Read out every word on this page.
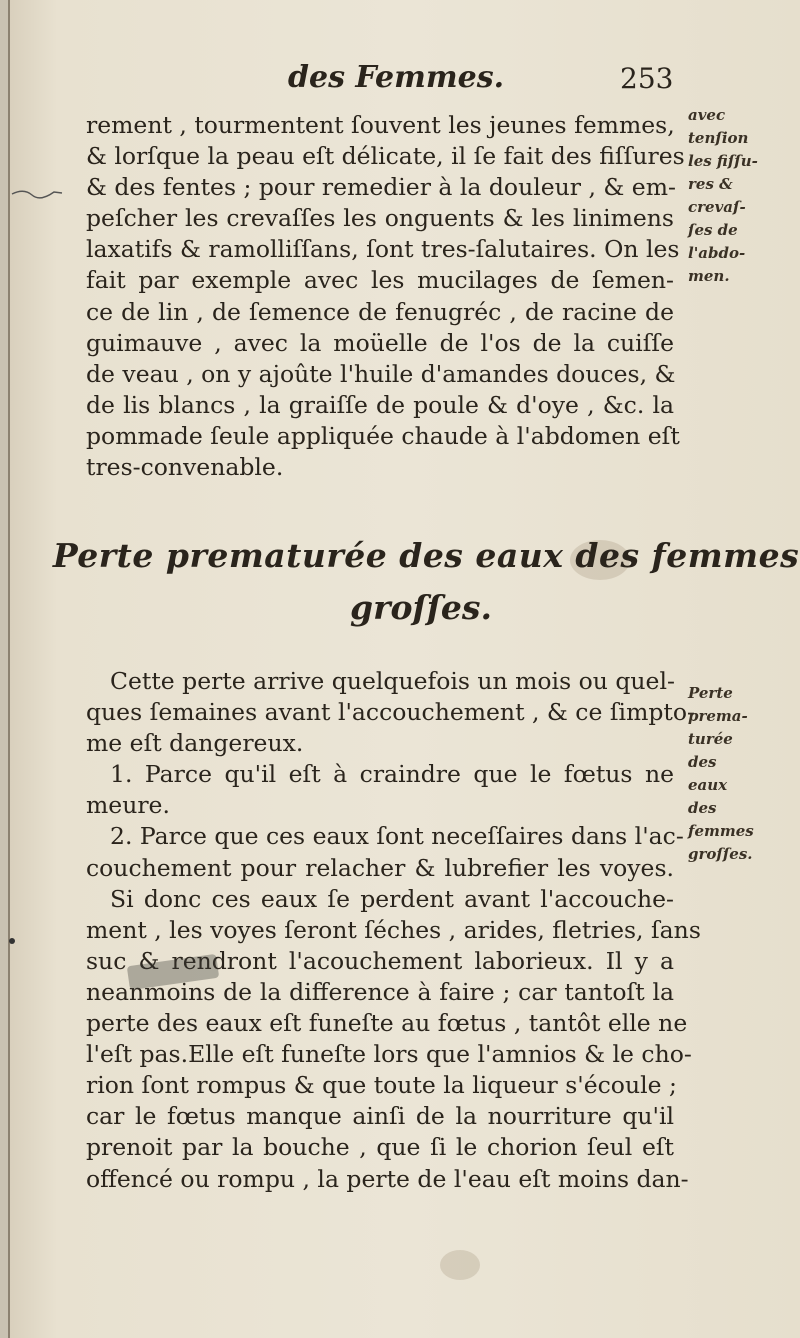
des Femmes.	253
rement , tourmentent ſouvent les jeunes femmes,
& lorſque la peau eſt délicate, il ſe fait des fiſſures
& des fentes ; pour remedier à la douleur , & em-
peſcher les crevaſſes les onguents & les linimens
laxatifs & ramolliſſans, ſont tres-ſalutaires. On les
fait par exemple avec les mucilages de ſemen-
ce de lin , de ſemence de fenugréc , de racine de
guimauve , avec la moüelle de l'os de la cuiſſe
de veau , on y ajoûte l'huile d'amandes douces, &
de lis blancs , la graiſſe de poule & d'oye , &c. la
pommade ſeule appliquée chaude à l'abdomen eſt
tres-convenable.
avec
tenſion
les fiſſu-
res &
crevaſ-
ſes de
l'abdo-
men.
Perte prematurée des eaux des femmes
groſſes.
Cette perte arrive quelquefois un mois ou quel-
ques ſemaines avant l'accouchement , & ce ſimpto-
me eſt dangereux.
1. Parce qu'il eſt à craindre que le fœtus ne
meure.
2. Parce que ces eaux ſont neceſſaires dans l'ac-
couchement pour relacher & lubrefier les voyes.
Si donc ces eaux ſe perdent avant l'accouche-
ment , les voyes ſeront ſéches , arides, fletries, ſans
suc & rendront l'acouchement laborieux. Il y a
neanmoins de la difference à faire ; car tantoſt la
perte des eaux eſt funeſte au fœtus , tantôt elle ne
l'eſt pas.Elle eſt funeſte lors que l'amnios & le cho-
rion ſont rompus & que toute la liqueur s'écoule ;
car le fœtus manque ainſi de la nourriture qu'il
prenoit par la bouche , que ſi le chorion ſeul eſt
offencé ou rompu , la perte de l'eau eſt moins dan-
Perte
prema-
turée
des
eaux
des
femmes
groſſes.
